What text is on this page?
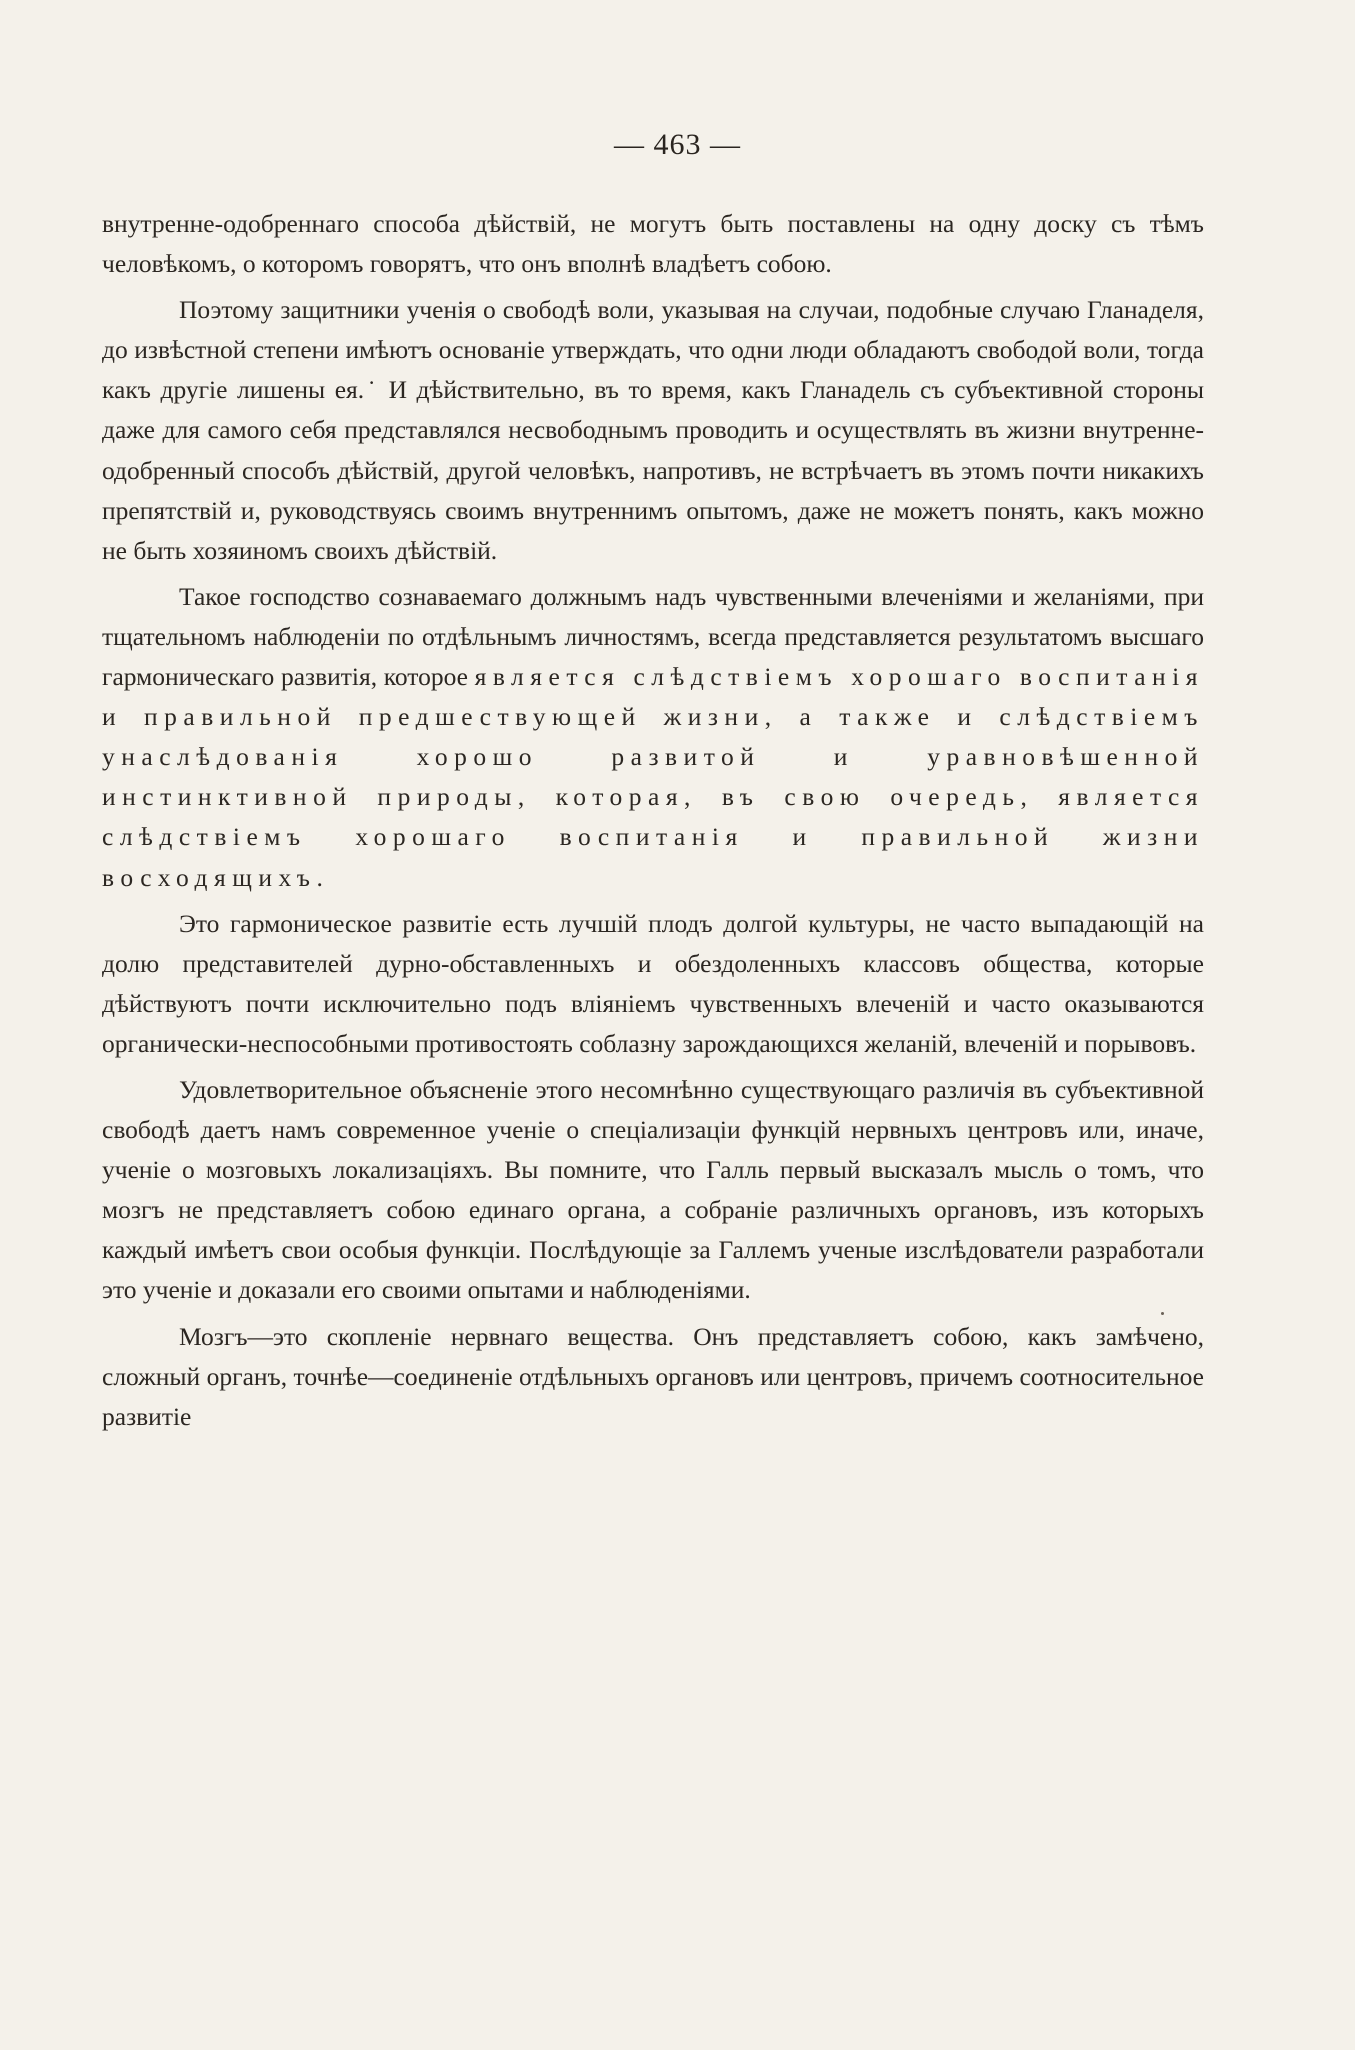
— 463 —

внутренне-одобреннаго способа дѣйствій, не могутъ быть поставлены на одну доску съ тѣмъ человѣкомъ, о которомъ говорятъ, что онъ вполнѣ владѣетъ собою.

Поэтому защитники ученія о свободѣ воли, указывая на случаи, подобные случаю Гланаделя, до извѣстной степени имѣютъ основаніе утверждать, что одни люди обладаютъ свободой воли, тогда какъ другіе лишены ея.˙ И дѣйствительно, въ то время, какъ Гланадель съ субъективной стороны даже для самого себя представлялся несвободнымъ проводить и осуществлять въ жизни внутренне-одобренный способъ дѣйствій, другой человѣкъ, напротивъ, не встрѣчаетъ въ этомъ почти никакихъ препятствій и, руководствуясь своимъ внутреннимъ опытомъ, даже не можетъ понять, какъ можно не быть хозяиномъ своихъ дѣйствій.

Такое господство сознаваемаго должнымъ надъ чувственными влеченіями и желаніями, при тщательномъ наблюденіи по отдѣльнымъ личностямъ, всегда представляется результатомъ высшаго гармоническаго развитія, которое является слѣдствіемъ хорошаго воспитанія и правильной предшествующей жизни, а также и слѣдствіемъ унаслѣдованія хорошо развитой и уравновѣшенной инстинктивной природы, которая, въ свою очередь, является слѣдствіемъ хорошаго воспитанія и правильной жизни восходящихъ.

Это гармоническое развитіе есть лучшій плодъ долгой культуры, не часто выпадающій на долю представителей дурно-обставленныхъ и обездоленныхъ классовъ общества, которые дѣйствуютъ почти исключительно подъ вліяніемъ чувственныхъ влеченій и часто оказываются органически-неспособными противостоять соблазну зарождающихся желаній, влеченій и порывовъ.

Удовлетворительное объясненіе этого несомнѣнно существующаго различія въ субъективной свободѣ даетъ намъ современное ученіе о спеціализаціи функцій нервныхъ центровъ или, иначе, ученіе о мозговыхъ локализаціяхъ. Вы помните, что Галль первый высказалъ мысль о томъ, что мозгъ не представляетъ собою единаго органа, а собраніе различныхъ органовъ, изъ которыхъ каждый имѣетъ свои особыя функціи. Послѣдующіе за Галлемъ ученые изслѣдователи разработали это ученіе и доказали его своими опытами и наблюденіями.

Мозгъ—это скопленіе нервнаго вещества. Онъ представляетъ собою, какъ замѣчено, сложный органъ, точнѣе—соединеніе отдѣльныхъ органовъ или центровъ, причемъ соотносительное развитіе
